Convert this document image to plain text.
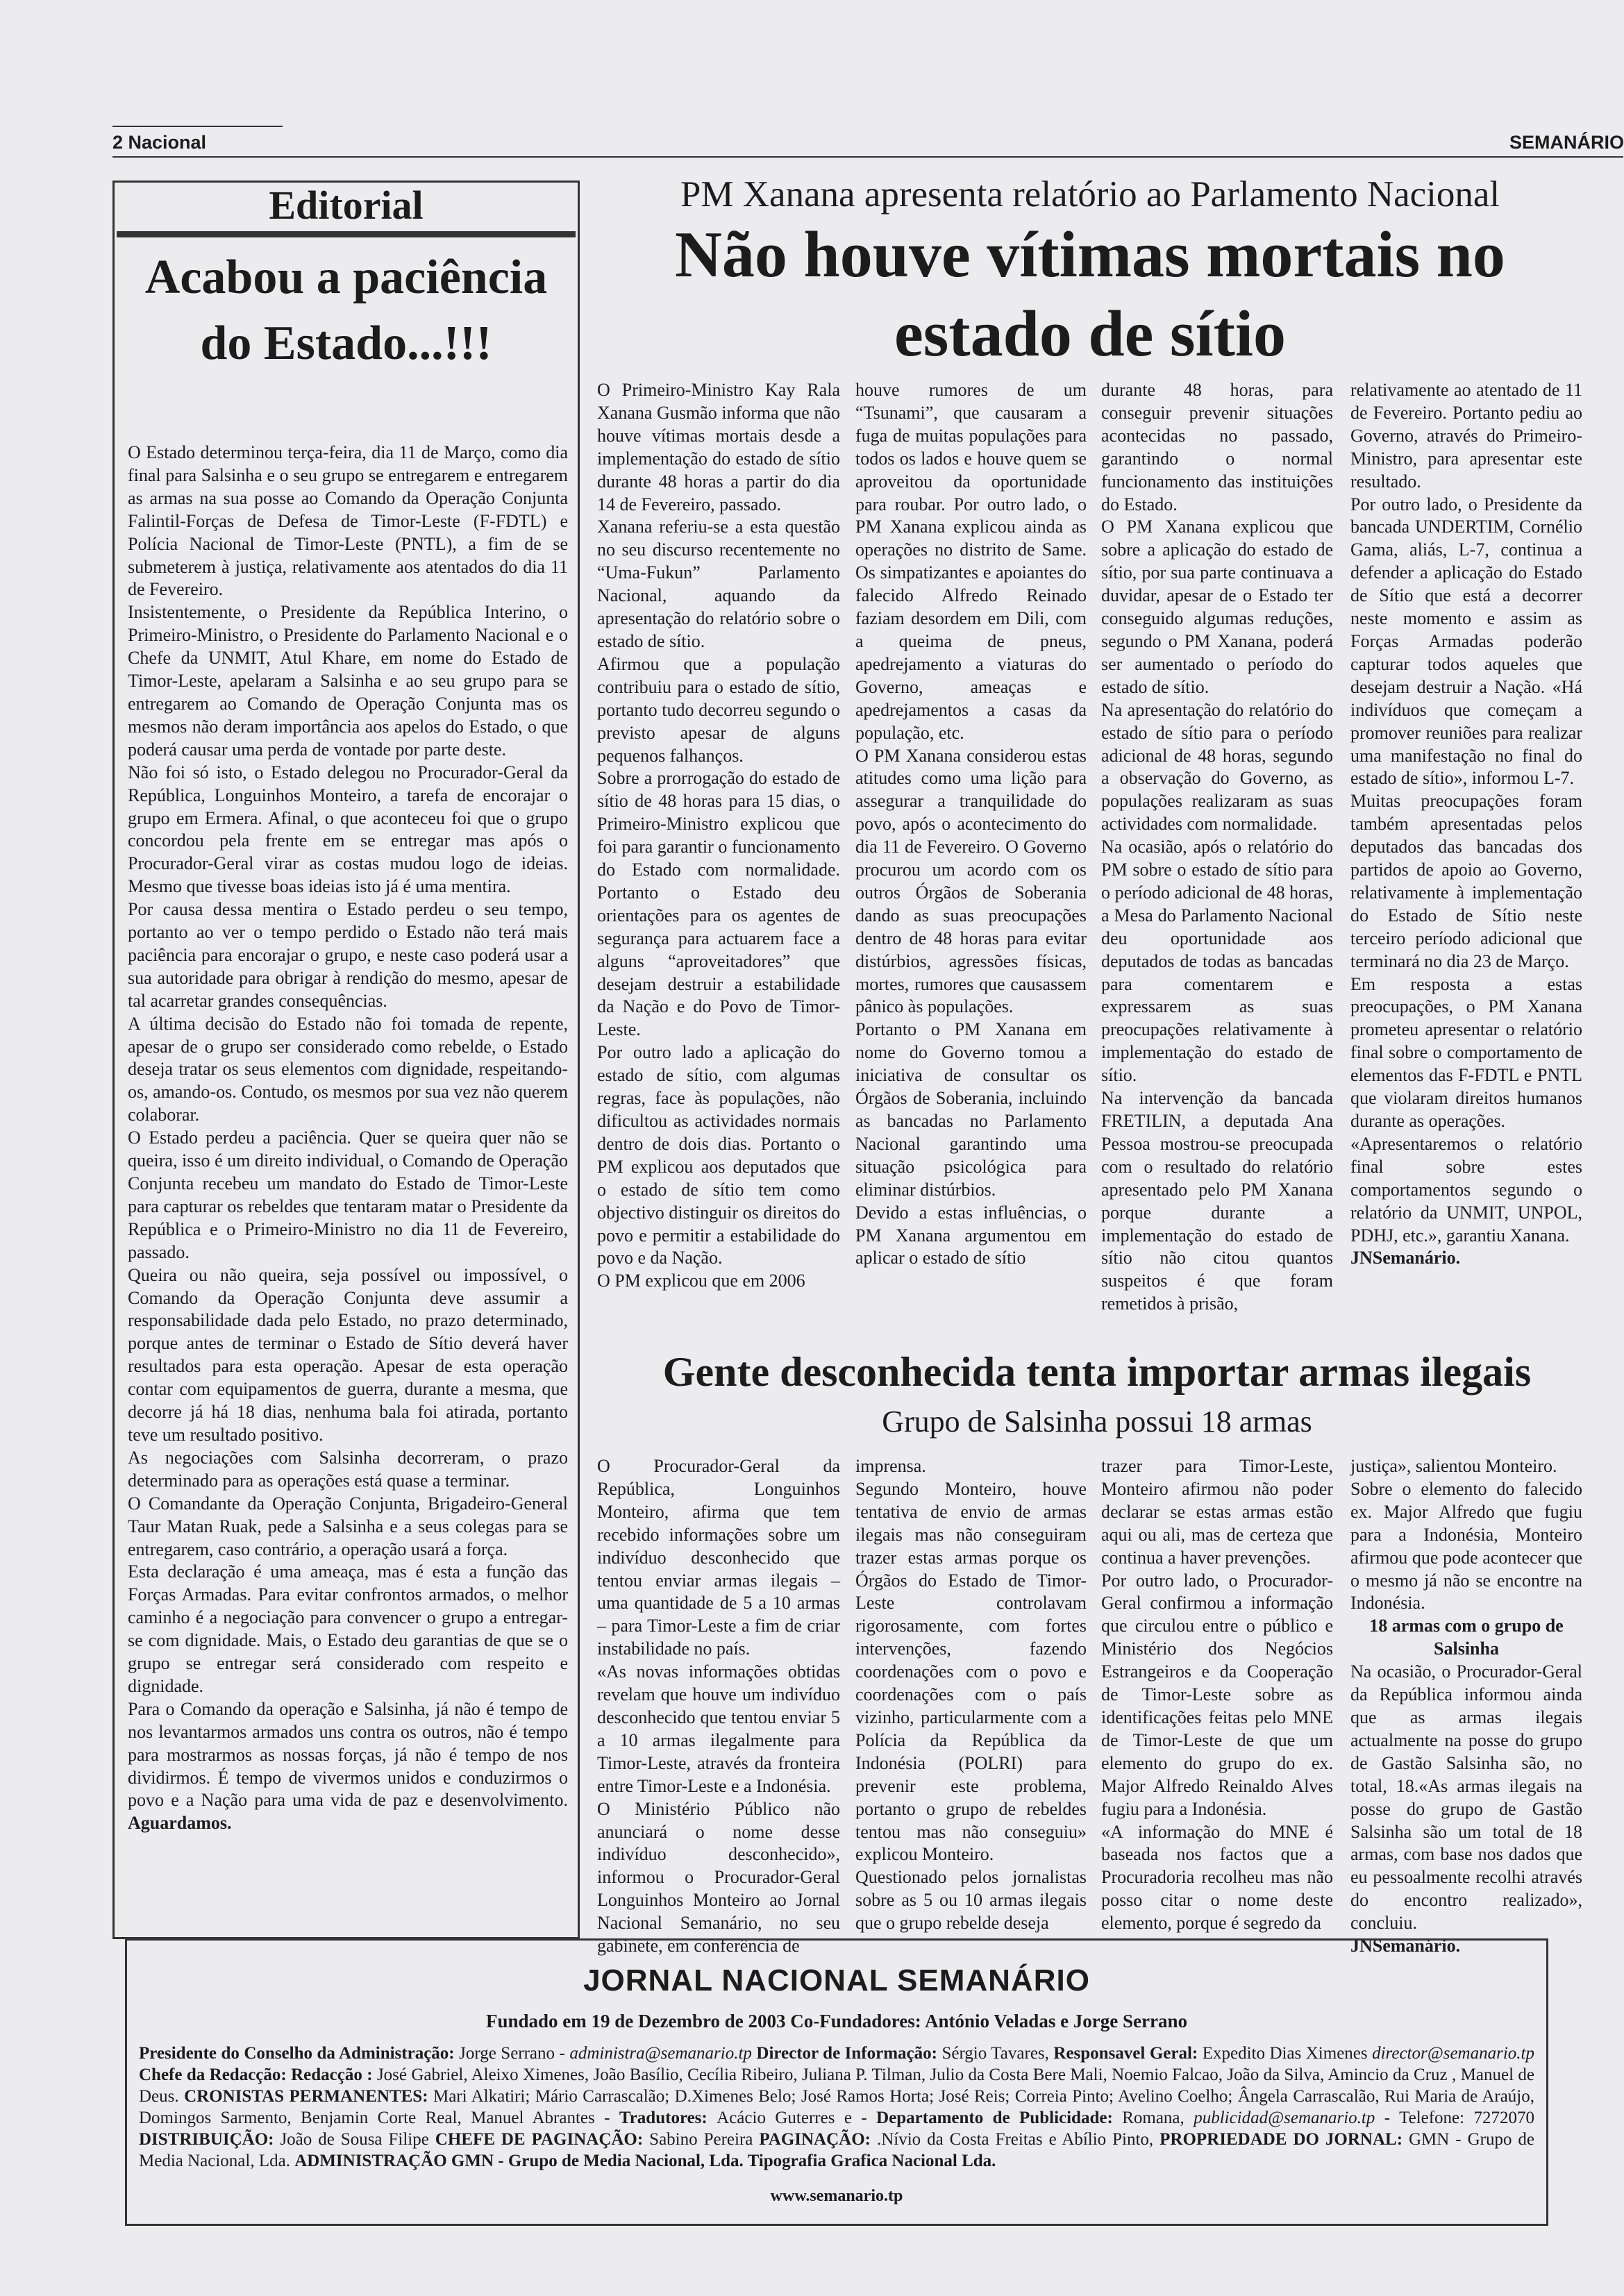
2 Nacional	SEMANÁRIO
Editorial
Acabou a paciência do Estado...!!!

O Estado determinou terça-feira, dia 11 de Março, como dia final para Salsinha e o seu grupo se entregarem e entregarem as armas na sua posse ao Comando da Operação Conjunta Falintil-Forças de Defesa de Timor-Leste (F-FDTL) e Polícia Nacional de Timor-Leste (PNTL), a fim de se submeterem à justiça, relativamente aos atentados do dia 11 de Fevereiro.

Insistentemente, o Presidente da República Interino, o Primeiro-Ministro, o Presidente do Parlamento Nacional e o Chefe da UNMIT, Atul Khare, em nome do Estado de Timor-Leste, apelaram a Salsinha e ao seu grupo para se entregarem ao Comando de Operação Conjunta mas os mesmos não deram importância aos apelos do Estado, o que poderá causar uma perda de vontade por parte deste.

Não foi só isto, o Estado delegou no Procurador-Geral da República, Longuinhos Monteiro, a tarefa de encorajar o grupo em Ermera. Afinal, o que aconteceu foi que o grupo concordou pela frente em se entregar mas após o Procurador-Geral virar as costas mudou logo de ideias. Mesmo que tivesse boas ideias isto já é uma mentira.

Por causa dessa mentira o Estado perdeu o seu tempo, portanto ao ver o tempo perdido o Estado não terá mais paciência para encorajar o grupo, e neste caso poderá usar a sua autoridade para obrigar à rendição do mesmo, apesar de tal acarretar grandes consequências.

A última decisão do Estado não foi tomada de repente, apesar de o grupo ser considerado como rebelde, o Estado deseja tratar os seus elementos com dignidade, respeitando-os, amando-os. Contudo, os mesmos por sua vez não querem colaborar.

O Estado perdeu a paciência. Quer se queira quer não se queira, isso é um direito individual, o Comando de Operação Conjunta recebeu um mandato do Estado de Timor-Leste para capturar os rebeldes que tentaram matar o Presidente da República e o Primeiro-Ministro no dia 11 de Fevereiro, passado.

Queira ou não queira, seja possível ou impossível, o Comando da Operação Conjunta deve assumir a responsabilidade dada pelo Estado, no prazo determinado, porque antes de terminar o Estado de Sítio deverá haver resultados para esta operação. Apesar de esta operação contar com equipamentos de guerra, durante a mesma, que decorre já há 18 dias, nenhuma bala foi atirada, portanto teve um resultado positivo.

As negociações com Salsinha decorreram, o prazo determinado para as operações está quase a terminar.

O Comandante da Operação Conjunta, Brigadeiro-General Taur Matan Ruak, pede a Salsinha e a seus colegas para se entregarem, caso contrário, a operação usará a força.

Esta declaração é uma ameaça, mas é esta a função das Forças Armadas. Para evitar confrontos armados, o melhor caminho é a negociação para convencer o grupo a entregar-se com dignidade. Mais, o Estado deu garantias de que se o grupo se entregar será considerado com respeito e dignidade.

Para o Comando da operação e Salsinha, já não é tempo de nos levantarmos armados uns contra os outros, não é tempo para mostrarmos as nossas forças, já não é tempo de nos dividirmos. É tempo de vivermos unidos e conduzirmos o povo e a Nação para uma vida de paz e desenvolvimento. Aguardamos.

PM Xanana apresenta relatório ao Parlamento Nacional
Não houve vítimas mortais no estado de sítio

O Primeiro-Ministro Kay Rala Xanana Gusmão informa que não houve vítimas mortais desde a implementação do estado de sítio durante 48 horas a partir do dia 14 de Fevereiro, passado.

Xanana referiu-se a esta questão no seu discurso recentemente no “Uma-Fukun” Parlamento Nacional, aquando da apresentação do relatório sobre o estado de sítio.

Afirmou que a população contribuiu para o estado de sítio, portanto tudo decorreu segundo o previsto apesar de alguns pequenos falhanços.

Sobre a prorrogação do estado de sítio de 48 horas para 15 dias, o Primeiro-Ministro explicou que foi para garantir o funcionamento do Estado com normalidade. Portanto o Estado deu orientações para os agentes de segurança para actuarem face a alguns “aproveitadores” que desejam destruir a estabilidade da Nação e do Povo de Timor-Leste.

Por outro lado a aplicação do estado de sítio, com algumas regras, face às populações, não dificultou as actividades normais dentro de dois dias. Portanto o PM explicou aos deputados que o estado de sítio tem como objectivo distinguir os direitos do povo e permitir a estabilidade do povo e da Nação.

O PM explicou que em 2006

houve rumores de um “Tsunami”, que causaram a fuga de muitas populações para todos os lados e houve quem se aproveitou da oportunidade para roubar. Por outro lado, o PM Xanana explicou ainda as operações no distrito de Same. Os simpatizantes e apoiantes do falecido Alfredo Reinado faziam desordem em Dili, com a queima de pneus, apedrejamento a viaturas do Governo, ameaças e apedrejamentos a casas da população, etc.

O PM Xanana considerou estas atitudes como uma lição para assegurar a tranquilidade do povo, após o acontecimento do dia 11 de Fevereiro. O Governo procurou um acordo com os outros Órgãos de Soberania dando as suas preocupações dentro de 48 horas para evitar distúrbios, agressões físicas, mortes, rumores que causassem pânico às populações.

Portanto o PM Xanana em nome do Governo tomou a iniciativa de consultar os Órgãos de Soberania, incluindo as bancadas no Parlamento Nacional garantindo uma situação psicológica para eliminar distúrbios.

Devido a estas influências, o PM Xanana argumentou em aplicar o estado de sítio

durante 48 horas, para conseguir prevenir situações acontecidas no passado, garantindo o normal funcionamento das instituições do Estado.

O PM Xanana explicou que sobre a aplicação do estado de sítio, por sua parte continuava a duvidar, apesar de o Estado ter conseguido algumas reduções, segundo o PM Xanana, poderá ser aumentado o período do estado de sítio.

Na apresentação do relatório do estado de sítio para o período adicional de 48 horas, segundo a observação do Governo, as populações realizaram as suas actividades com normalidade.

Na ocasião, após o relatório do PM sobre o estado de sítio para o período adicional de 48 horas, a Mesa do Parlamento Nacional deu oportunidade aos deputados de todas as bancadas para comentarem e expressarem as suas preocupações relativamente à implementação do estado de sítio.

Na intervenção da bancada FRETILIN, a deputada Ana Pessoa mostrou-se preocupada com o resultado do relatório apresentado pelo PM Xanana porque durante a implementação do estado de sítio não citou quantos suspeitos é que foram remetidos à prisão,

relativamente ao atentado de 11 de Fevereiro. Portanto pediu ao Governo, através do Primeiro-Ministro, para apresentar este resultado.

Por outro lado, o Presidente da bancada UNDERTIM, Cornélio Gama, aliás, L-7, continua a defender a aplicação do Estado de Sítio que está a decorrer neste momento e assim as Forças Armadas poderão capturar todos aqueles que desejam destruir a Nação. «Há indivíduos que começam a promover reuniões para realizar uma manifestação no final do estado de sítio», informou L-7.

Muitas preocupações foram também apresentadas pelos deputados das bancadas dos partidos de apoio ao Governo, relativamente à implementação do Estado de Sítio neste terceiro período adicional que terminará no dia 23 de Março.

Em resposta a estas preocupações, o PM Xanana prometeu apresentar o relatório final sobre o comportamento de elementos das F-FDTL e PNTL que violaram direitos humanos durante as operações.

«Apresentaremos o relatório final sobre estes comportamentos segundo o relatório da UNMIT, UNPOL, PDHJ, etc.», garantiu Xanana.

JNSemanário.

Gente desconhecida tenta importar armas ilegais
Grupo de Salsinha possui 18 armas

O Procurador-Geral da República, Longuinhos Monteiro, afirma que tem recebido informações sobre um indivíduo desconhecido que tentou enviar armas ilegais – uma quantidade de 5 a 10 armas – para Timor-Leste a fim de criar instabilidade no país.

«As novas informações obtidas revelam que houve um indivíduo desconhecido que tentou enviar 5 a 10 armas ilegalmente para Timor-Leste, através da fronteira entre Timor-Leste e a Indonésia.

O Ministério Público não anunciará o nome desse indivíduo desconhecido», informou o Procurador-Geral Longuinhos Monteiro ao Jornal Nacional Semanário, no seu gabinete, em conferência de

imprensa.

Segundo Monteiro, houve tentativa de envio de armas ilegais mas não conseguiram trazer estas armas porque os Órgãos do Estado de Timor-Leste controlavam rigorosamente, com fortes intervenções, fazendo coordenações com o povo e coordenações com o país vizinho, particularmente com a Polícia da República da Indonésia (POLRI) para prevenir este problema, portanto o grupo de rebeldes tentou mas não conseguiu» explicou Monteiro.

Questionado pelos jornalistas sobre as 5 ou 10 armas ilegais que o grupo rebelde deseja

trazer para Timor-Leste, Monteiro afirmou não poder declarar se estas armas estão aqui ou ali, mas de certeza que continua a haver prevenções.

Por outro lado, o Procurador-Geral confirmou a informação que circulou entre o público e Ministério dos Negócios Estrangeiros e da Cooperação de Timor-Leste sobre as identificações feitas pelo MNE de Timor-Leste de que um elemento do grupo do ex. Major Alfredo Reinaldo Alves fugiu para a Indonésia.

«A informação do MNE é baseada nos factos que a Procuradoria recolheu mas não posso citar o nome deste elemento, porque é segredo da

justiça», salientou Monteiro.

Sobre o elemento do falecido ex. Major Alfredo que fugiu para a Indonésia, Monteiro afirmou que pode acontecer que o mesmo já não se encontre na Indonésia.

18 armas com o grupo de Salsinha

Na ocasião, o Procurador-Geral da República informou ainda que as armas ilegais actualmente na posse do grupo de Gastão Salsinha são, no total, 18.«As armas ilegais na posse do grupo de Gastão Salsinha são um total de 18 armas, com base nos dados que eu pessoalmente recolhi através do encontro realizado», concluiu.

JNSemanário.

JORNAL NACIONAL SEMANÁRIO
Fundado em 19 de Dezembro de 2003 Co-Fundadores: António Veladas e Jorge Serrano
Presidente do Conselho da Administração: Jorge Serrano - administra@semanario.tp Director de Informação: Sérgio Tavares, Responsavel Geral: Expedito Dias Ximenes director@semanario.tp Chefe da Redacção: Redacção : José Gabriel, Aleixo Ximenes, João Basílio, Cecília Ribeiro, Juliana P. Tilman, Julio da Costa Bere Mali, Noemio Falcao, João da Silva, Amincio da Cruz , Manuel de Deus. CRONISTAS PERMANENTES: Mari Alkatiri; Mário Carrascalão; D.Ximenes Belo; José Ramos Horta; José Reis; Correia Pinto; Avelino Coelho; Ângela Carrascalão, Rui Maria de Araújo, Domingos Sarmento, Benjamin Corte Real, Manuel Abrantes - Tradutores: Acácio Guterres e - Departamento de Publicidade: Romana, publicidad@semanario.tp - Telefone: 7272070 DISTRIBUIÇÃO: João de Sousa Filipe CHEFE DE PAGINAÇÃO: Sabino Pereira PAGINAÇÃO: .Nívio da Costa Freitas e Abílio Pinto, PROPRIEDADE DO JORNAL: GMN - Grupo de Media Nacional, Lda. ADMINISTRAÇÃO GMN - Grupo de Media Nacional, Lda. Tipografia Grafica Nacional Lda.
www.semanario.tp
